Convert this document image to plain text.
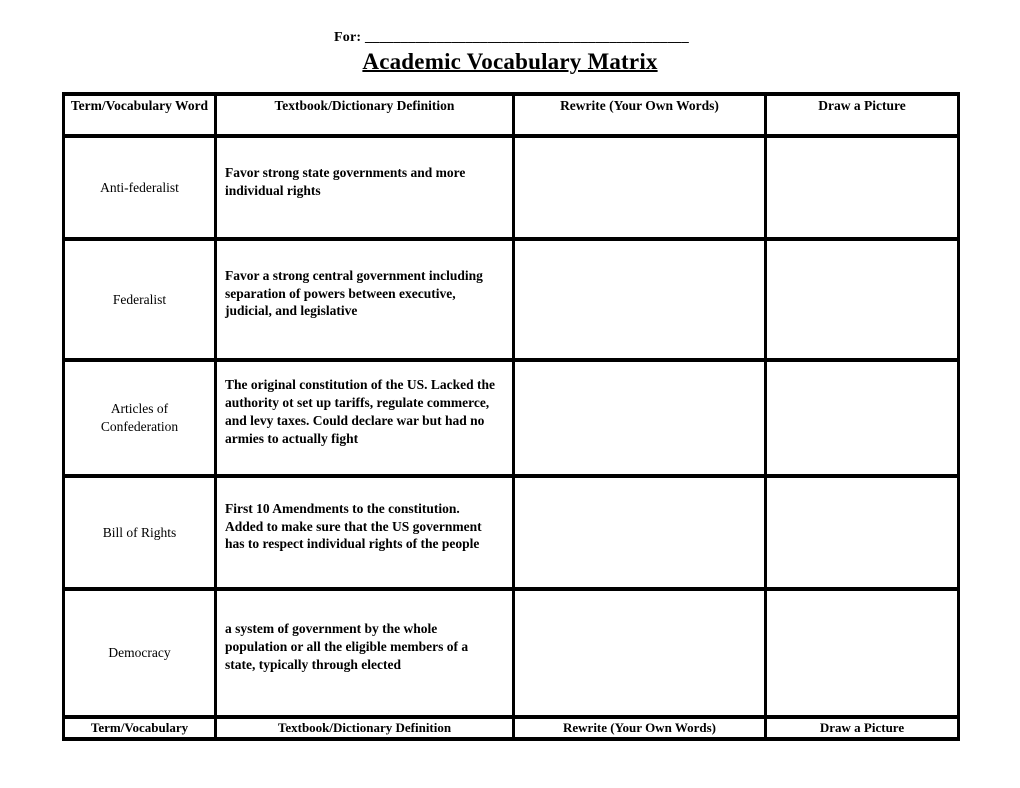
For: _____________________________________________
Academic Vocabulary Matrix
Term/Vocabulary Word	Textbook/Dictionary Definition	Rewrite (Your Own Words)	Draw a Picture
Anti-federalist	Favor strong state governments and more individual rights		
Federalist	Favor a strong central government including separation of powers between executive, judicial, and legislative		
Articles of Confederation	The original constitution of the US. Lacked the authority ot set up tariffs, regulate commerce, and levy taxes. Could declare war but had no armies to actually fight		
Bill of Rights	First 10 Amendments to the constitution. Added to make sure that the US government has to respect individual rights of the people		
Democracy	a system of government by the whole population or all the eligible members of a state, typically through elected		
Term/Vocabulary	Textbook/Dictionary Definition	Rewrite (Your Own Words)	Draw a Picture
